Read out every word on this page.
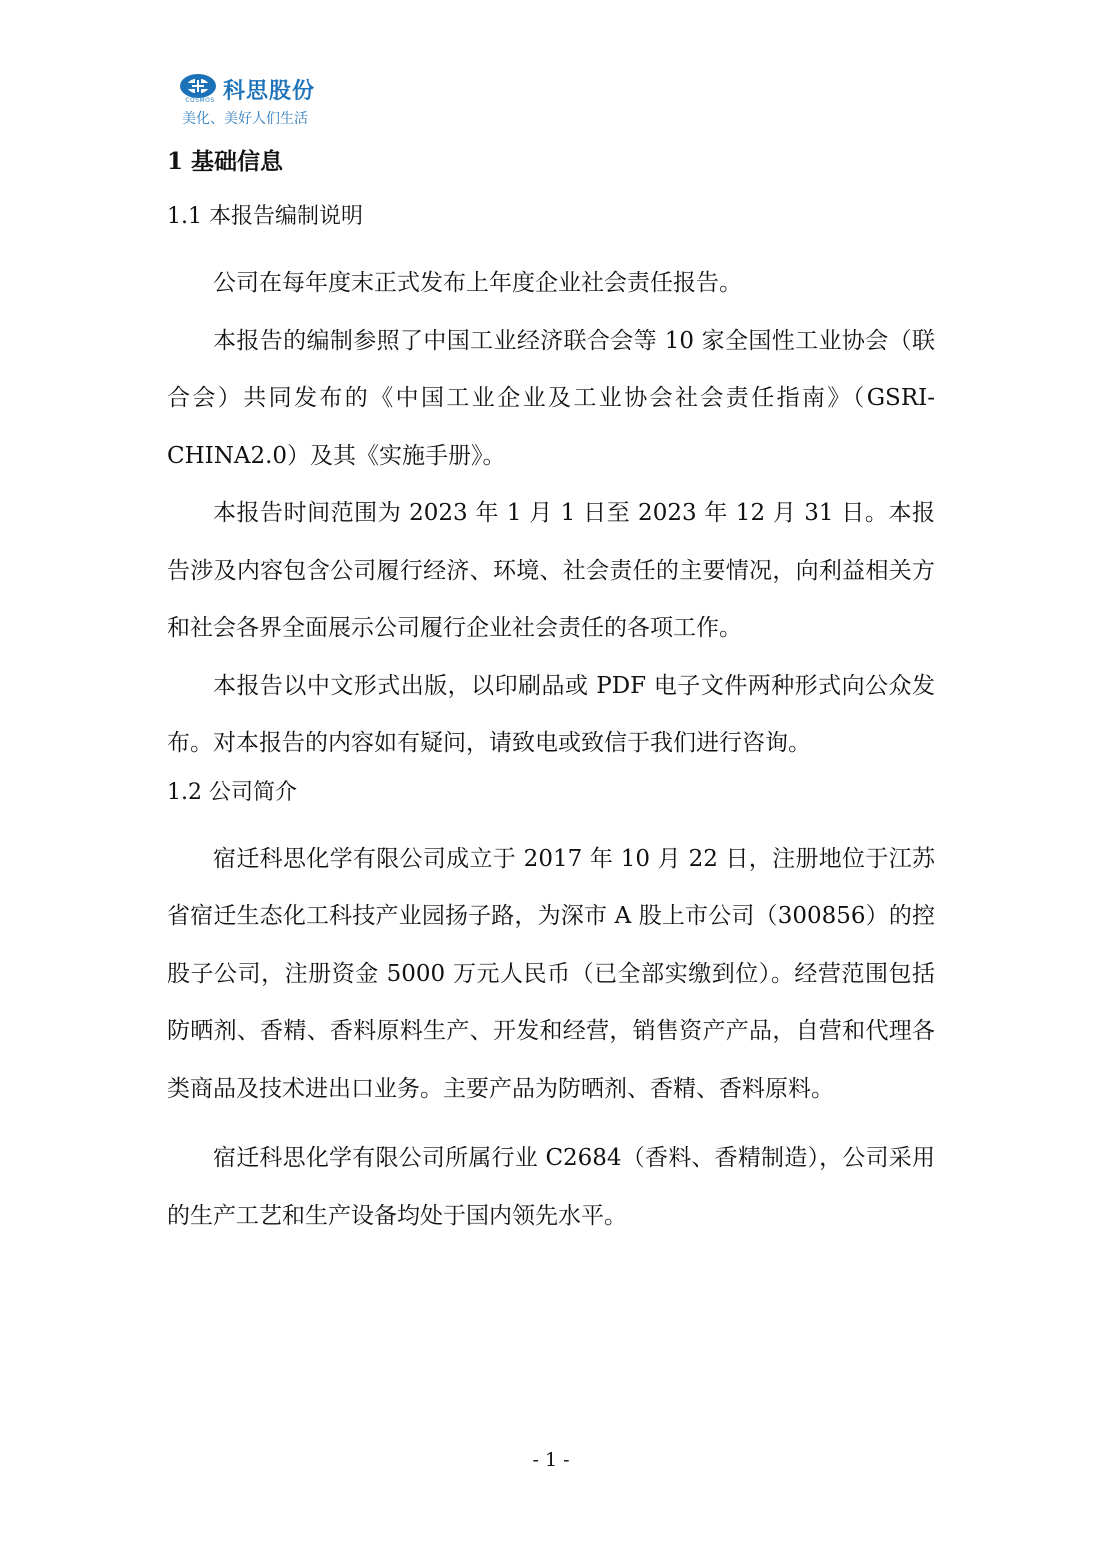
COSMOS 科思股份
美化、美好人们生活
1 基础信息
1.1 本报告编制说明

公司在每年度末正式发布上年度企业社会责任报告。

本报告的编制参照了中国工业经济联合会等 10 家全国性工业协会（联合会）共同发布的《中国工业企业及工业协会社会责任指南》（GSRI-CHINA2.0）及其《实施手册》。

本报告时间范围为 2023 年 1 月 1 日至 2023 年 12 月 31 日。本报告涉及内容包含公司履行经济、环境、社会责任的主要情况，向利益相关方和社会各界全面展示公司履行企业社会责任的各项工作。

本报告以中文形式出版，以印刷品或 PDF 电子文件两种形式向公众发布。对本报告的内容如有疑问，请致电或致信于我们进行咨询。

1.2 公司简介

宿迁科思化学有限公司成立于 2017 年 10 月 22 日，注册地位于江苏省宿迁生态化工科技产业园扬子路，为深市 A 股上市公司（300856）的控股子公司，注册资金 5000 万元人民币（已全部实缴到位）。经营范围包括防晒剂、香精、香料原料生产、开发和经营，销售资产产品，自营和代理各类商品及技术进出口业务。主要产品为防晒剂、香精、香料原料。

宿迁科思化学有限公司所属行业 C2684（香料、香精制造），公司采用的生产工艺和生产设备均处于国内领先水平。

- 1 -
